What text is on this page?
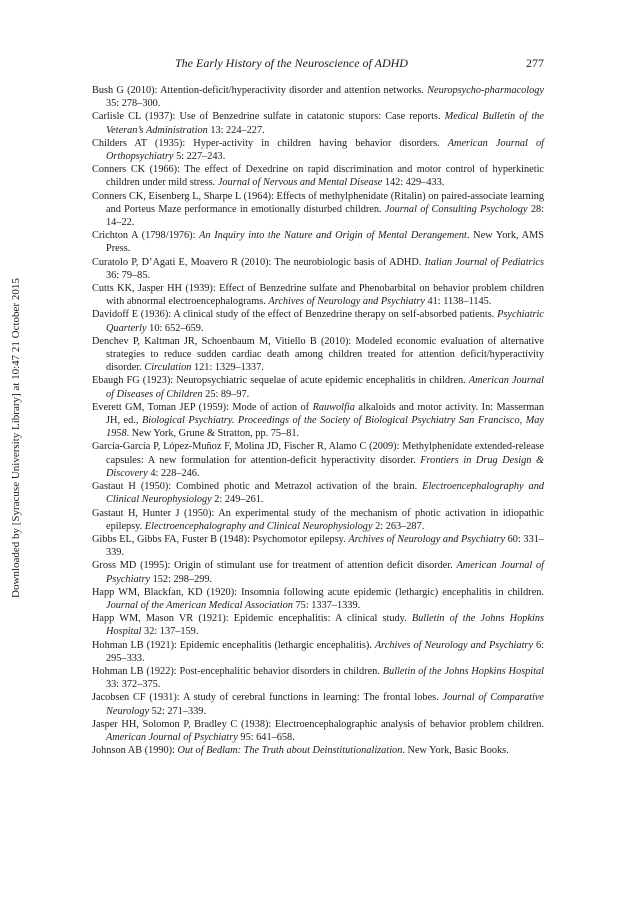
The Early History of the Neuroscience of ADHD	277
Downloaded by [Syracuse University Library] at 10:47 21 October 2015

Bush G (2010): Attention-deficit/hyperactivity disorder and attention networks. Neuropsycho-pharmacology 35: 278–300.

Carlisle CL (1937): Use of Benzedrine sulfate in catatonic stupors: Case reports. Medical Bulletin of the Veteran’s Administration 13: 224–227.

Childers AT (1935): Hyper-activity in children having behavior disorders. American Journal of Orthopsychiatry 5: 227–243.

Conners CK (1966): The effect of Dexedrine on rapid discrimination and motor control of hyperkinetic children under mild stress. Journal of Nervous and Mental Disease 142: 429–433.

Conners CK, Eisenberg L, Sharpe L (1964): Effects of methylphenidate (Ritalin) on paired-associate learning and Porteus Maze performance in emotionally disturbed children. Journal of Consulting Psychology 28: 14–22.

Crichton A (1798/1976): An Inquiry into the Nature and Origin of Mental Derangement. New York, AMS Press.

Curatolo P, D’Agati E, Moavero R (2010): The neurobiologic basis of ADHD. Italian Journal of Pediatrics 36: 79–85.

Cutts KK, Jasper HH (1939): Effect of Benzedrine sulfate and Phenobarbital on behavior problem children with abnormal electroencephalograms. Archives of Neurology and Psychiatry 41: 1138–1145.

Davidoff E (1936): A clinical study of the effect of Benzedrine therapy on self-absorbed patients. Psychiatric Quarterly 10: 652–659.

Denchev P, Kaltman JR, Schoenbaum M, Vitiello B (2010): Modeled economic evaluation of alternative strategies to reduce sudden cardiac death among children treated for attention deficit/hyperactivity disorder. Circulation 121: 1329–1337.

Ebaugh FG (1923): Neuropsychiatric sequelae of acute epidemic encephalitis in children. American Journal of Diseases of Children 25: 89–97.

Everett GM, Toman JEP (1959): Mode of action of Rauwolfia alkaloids and motor activity. In: Masserman JH, ed., Biological Psychiatry. Proceedings of the Society of Biological Psychiatry San Francisco, May 1958. New York, Grune & Stratton, pp. 75–81.

García-García P, López-Muñoz F, Molina JD, Fischer R, Alamo C (2009): Methylphenidate extended-release capsules: A new formulation for attention-deficit hyperactivity disorder. Frontiers in Drug Design & Discovery 4: 228–246.

Gastaut H (1950): Combined photic and Metrazol activation of the brain. Electroencephalography and Clinical Neurophysiology 2: 249–261.

Gastaut H, Hunter J (1950): An experimental study of the mechanism of photic activation in idiopathic epilepsy. Electroencephalography and Clinical Neurophysiology 2: 263–287.

Gibbs EL, Gibbs FA, Fuster B (1948): Psychomotor epilepsy. Archives of Neurology and Psychiatry 60: 331–339.

Gross MD (1995): Origin of stimulant use for treatment of attention deficit disorder. American Journal of Psychiatry 152: 298–299.

Happ WM, Blackfan, KD (1920): Insomnia following acute epidemic (lethargic) encephalitis in children. Journal of the American Medical Association 75: 1337–1339.

Happ WM, Mason VR (1921): Epidemic encephalitis: A clinical study. Bulletin of the Johns Hopkins Hospital 32: 137–159.

Hohman LB (1921): Epidemic encephalitis (lethargic encephalitis). Archives of Neurology and Psychiatry 6: 295–333.

Hohman LB (1922): Post-encephalitic behavior disorders in children. Bulletin of the Johns Hopkins Hospital 33: 372–375.

Jacobsen CF (1931): A study of cerebral functions in learning: The frontal lobes. Journal of Comparative Neurology 52: 271–339.

Jasper HH, Solomon P, Bradley C (1938): Electroencephalographic analysis of behavior problem children. American Journal of Psychiatry 95: 641–658.

Johnson AB (1990): Out of Bedlam: The Truth about Deinstitutionalization. New York, Basic Books.
